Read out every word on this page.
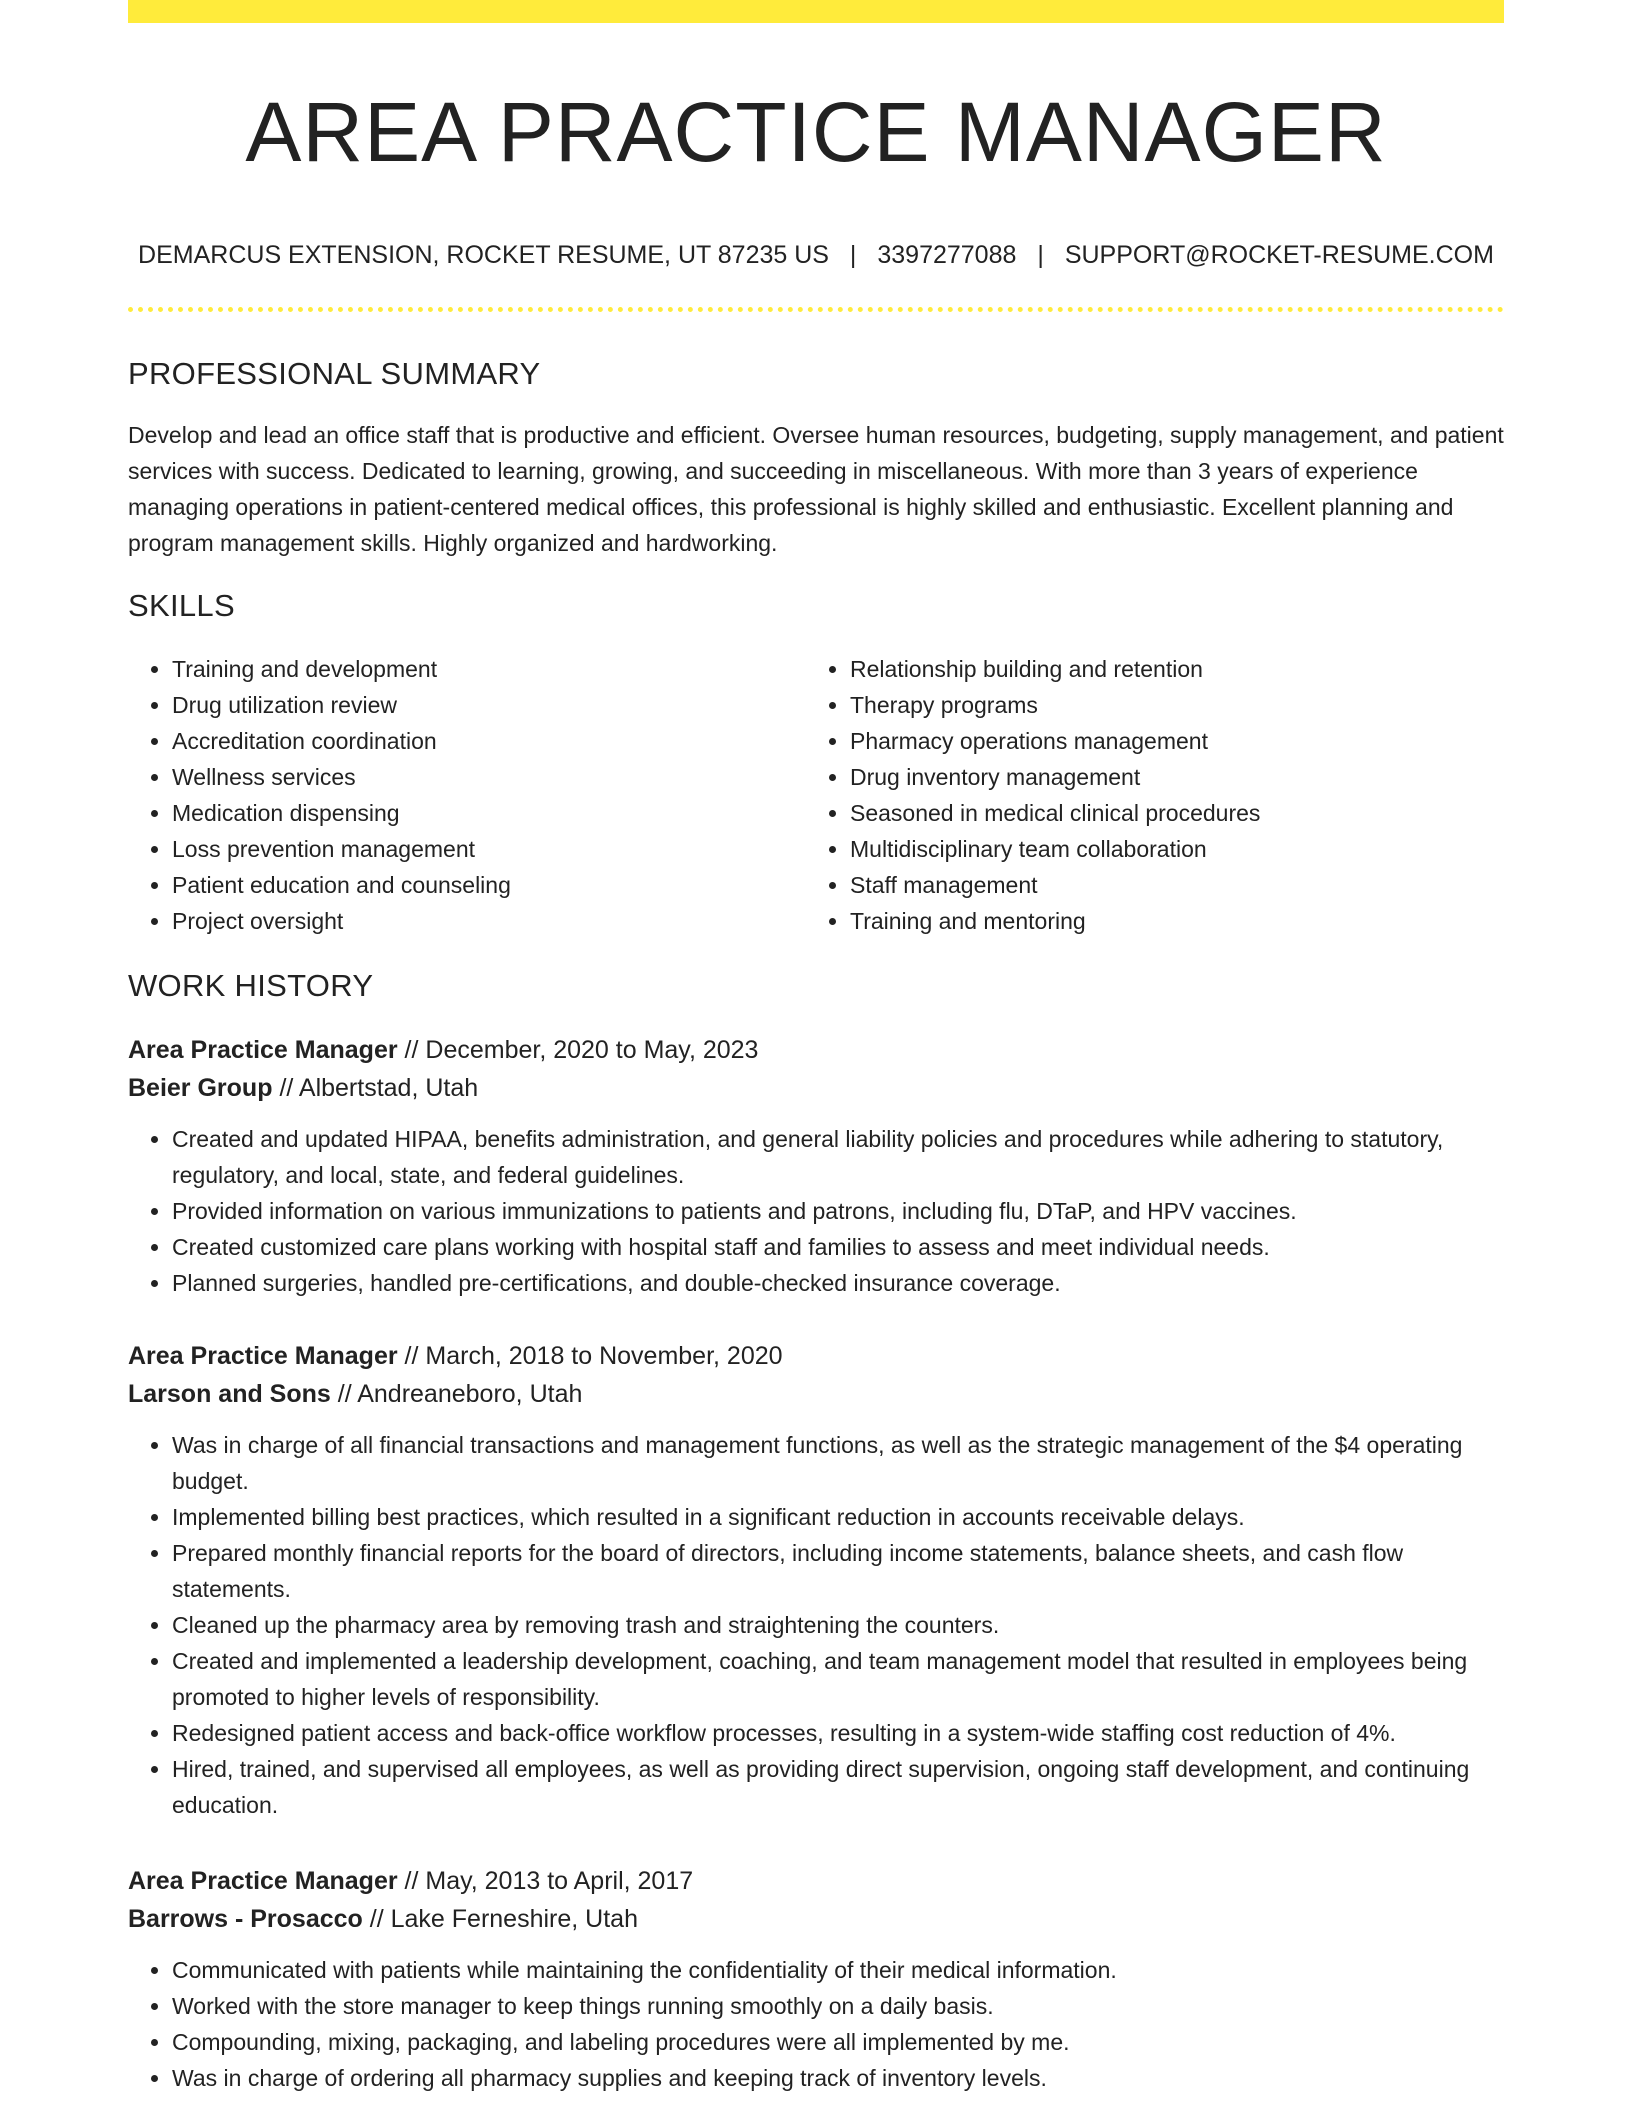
AREA PRACTICE MANAGER
DEMARCUS EXTENSION, ROCKET RESUME, UT 87235 US | 3397277088 | SUPPORT@ROCKET-RESUME.COM
PROFESSIONAL SUMMARY

Develop and lead an office staff that is productive and efficient. Oversee human resources, budgeting, supply management, and patient services with success. Dedicated to learning, growing, and succeeding in miscellaneous. With more than 3 years of experience managing operations in patient-centered medical offices, this professional is highly skilled and enthusiastic. Excellent planning and program management skills. Highly organized and hardworking.

SKILLS
• Training and development
• Drug utilization review
• Accreditation coordination
• Wellness services
• Medication dispensing
• Loss prevention management
• Patient education and counseling
• Project oversight
• Relationship building and retention
• Therapy programs
• Pharmacy operations management
• Drug inventory management
• Seasoned in medical clinical procedures
• Multidisciplinary team collaboration
• Staff management
• Training and mentoring
WORK HISTORY

Area Practice Manager // December, 2020 to May, 2023

Beier Group // Albertstad, Utah

• Created and updated HIPAA, benefits administration, and general liability policies and procedures while adhering to statutory, regulatory, and local, state, and federal guidelines.
• Provided information on various immunizations to patients and patrons, including flu, DTaP, and HPV vaccines.
• Created customized care plans working with hospital staff and families to assess and meet individual needs.
• Planned surgeries, handled pre-certifications, and double-checked insurance coverage.

Area Practice Manager // March, 2018 to November, 2020

Larson and Sons // Andreaneboro, Utah

• Was in charge of all financial transactions and management functions, as well as the strategic management of the $4 operating budget.
• Implemented billing best practices, which resulted in a significant reduction in accounts receivable delays.
• Prepared monthly financial reports for the board of directors, including income statements, balance sheets, and cash flow statements.
• Cleaned up the pharmacy area by removing trash and straightening the counters.
• Created and implemented a leadership development, coaching, and team management model that resulted in employees being promoted to higher levels of responsibility.
• Redesigned patient access and back-office workflow processes, resulting in a system-wide staffing cost reduction of 4%.
• Hired, trained, and supervised all employees, as well as providing direct supervision, ongoing staff development, and continuing education.

Area Practice Manager // May, 2013 to April, 2017

Barrows - Prosacco // Lake Ferneshire, Utah

• Communicated with patients while maintaining the confidentiality of their medical information.
• Worked with the store manager to keep things running smoothly on a daily basis.
• Compounding, mixing, packaging, and labeling procedures were all implemented by me.
• Was in charge of ordering all pharmacy supplies and keeping track of inventory levels.
